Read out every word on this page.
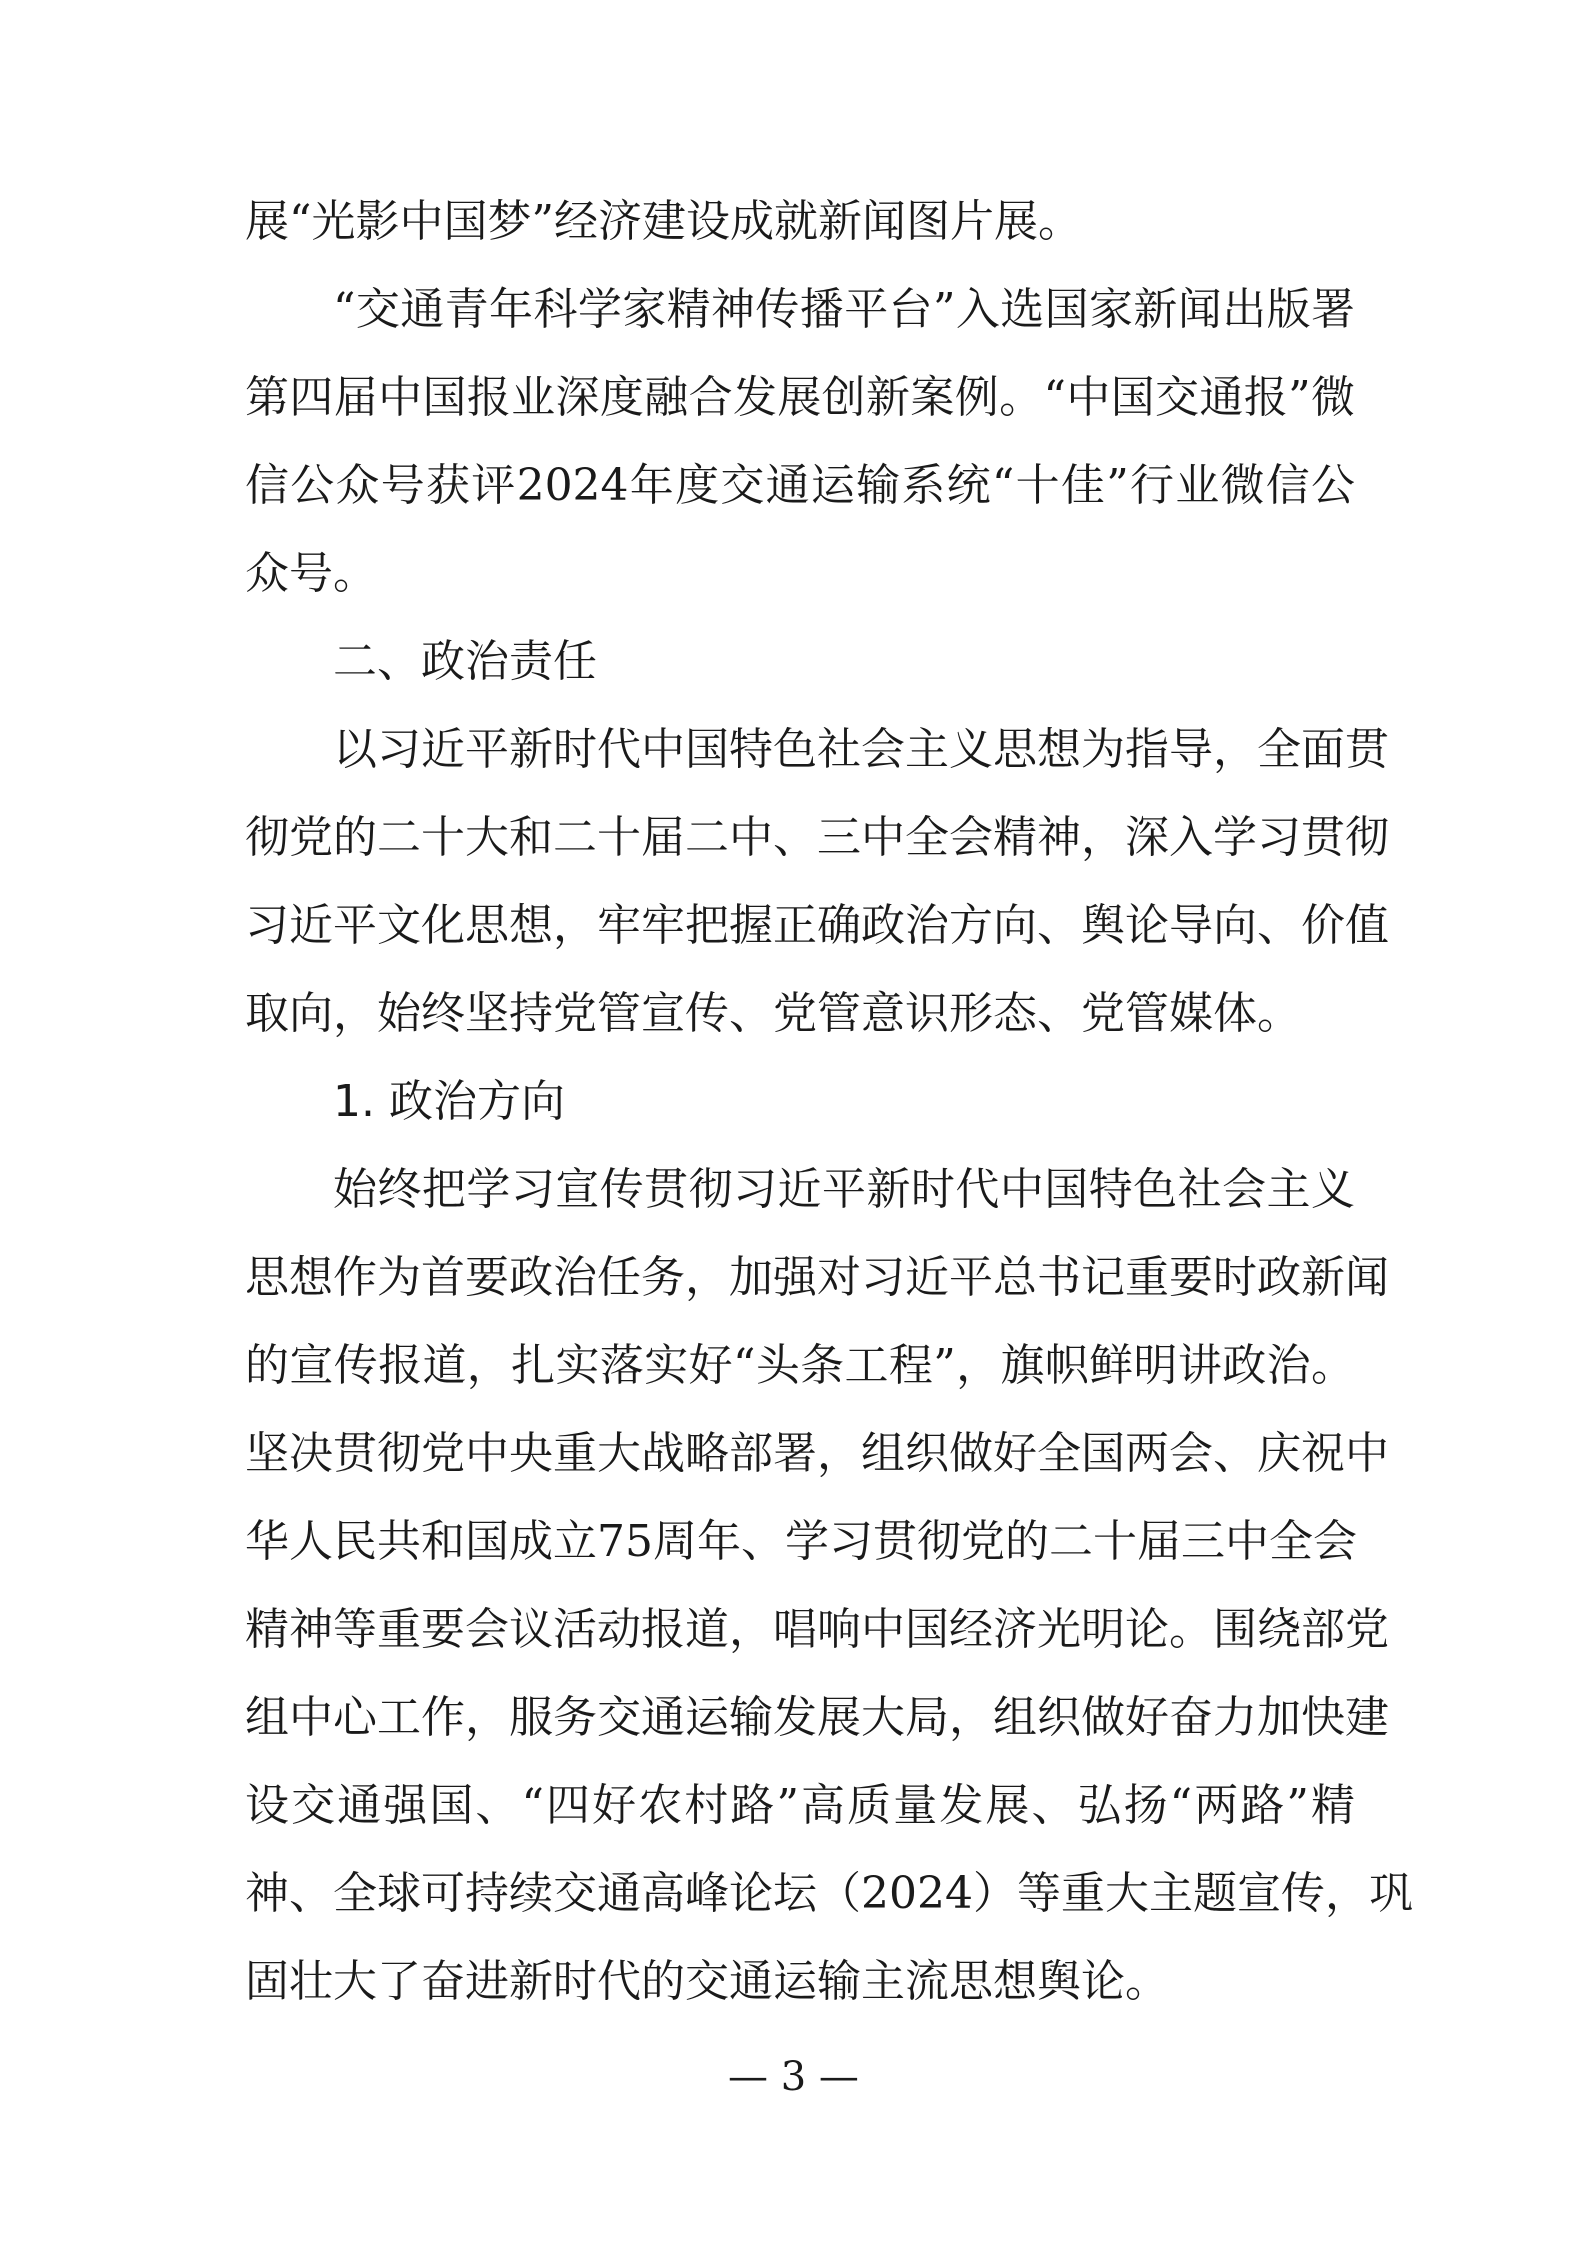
展“光影中国梦”经济建设成就新闻图片展。
“交通青年科学家精神传播平台”入选国家新闻出版署
第四届中国报业深度融合发展创新案例。“中国交通报”微
信公众号获评2024年度交通运输系统“十佳”行业微信公
众号。
二、政治责任
以习近平新时代中国特色社会主义思想为指导，全面贯
彻党的二十大和二十届二中、三中全会精神，深入学习贯彻
习近平文化思想，牢牢把握正确政治方向、舆论导向、价值
取向，始终坚持党管宣传、党管意识形态、党管媒体。
1. 政治方向
始终把学习宣传贯彻习近平新时代中国特色社会主义
思想作为首要政治任务，加强对习近平总书记重要时政新闻
的宣传报道，扎实落实好“头条工程”，旗帜鲜明讲政治。
坚决贯彻党中央重大战略部署，组织做好全国两会、庆祝中
华人民共和国成立75周年、学习贯彻党的二十届三中全会
精神等重要会议活动报道，唱响中国经济光明论。围绕部党
组中心工作，服务交通运输发展大局，组织做好奋力加快建
设交通强国、“四好农村路”高质量发展、弘扬“两路”精
神、全球可持续交通高峰论坛（2024）等重大主题宣传，巩
固壮大了奋进新时代的交通运输主流思想舆论。
— 3 —
